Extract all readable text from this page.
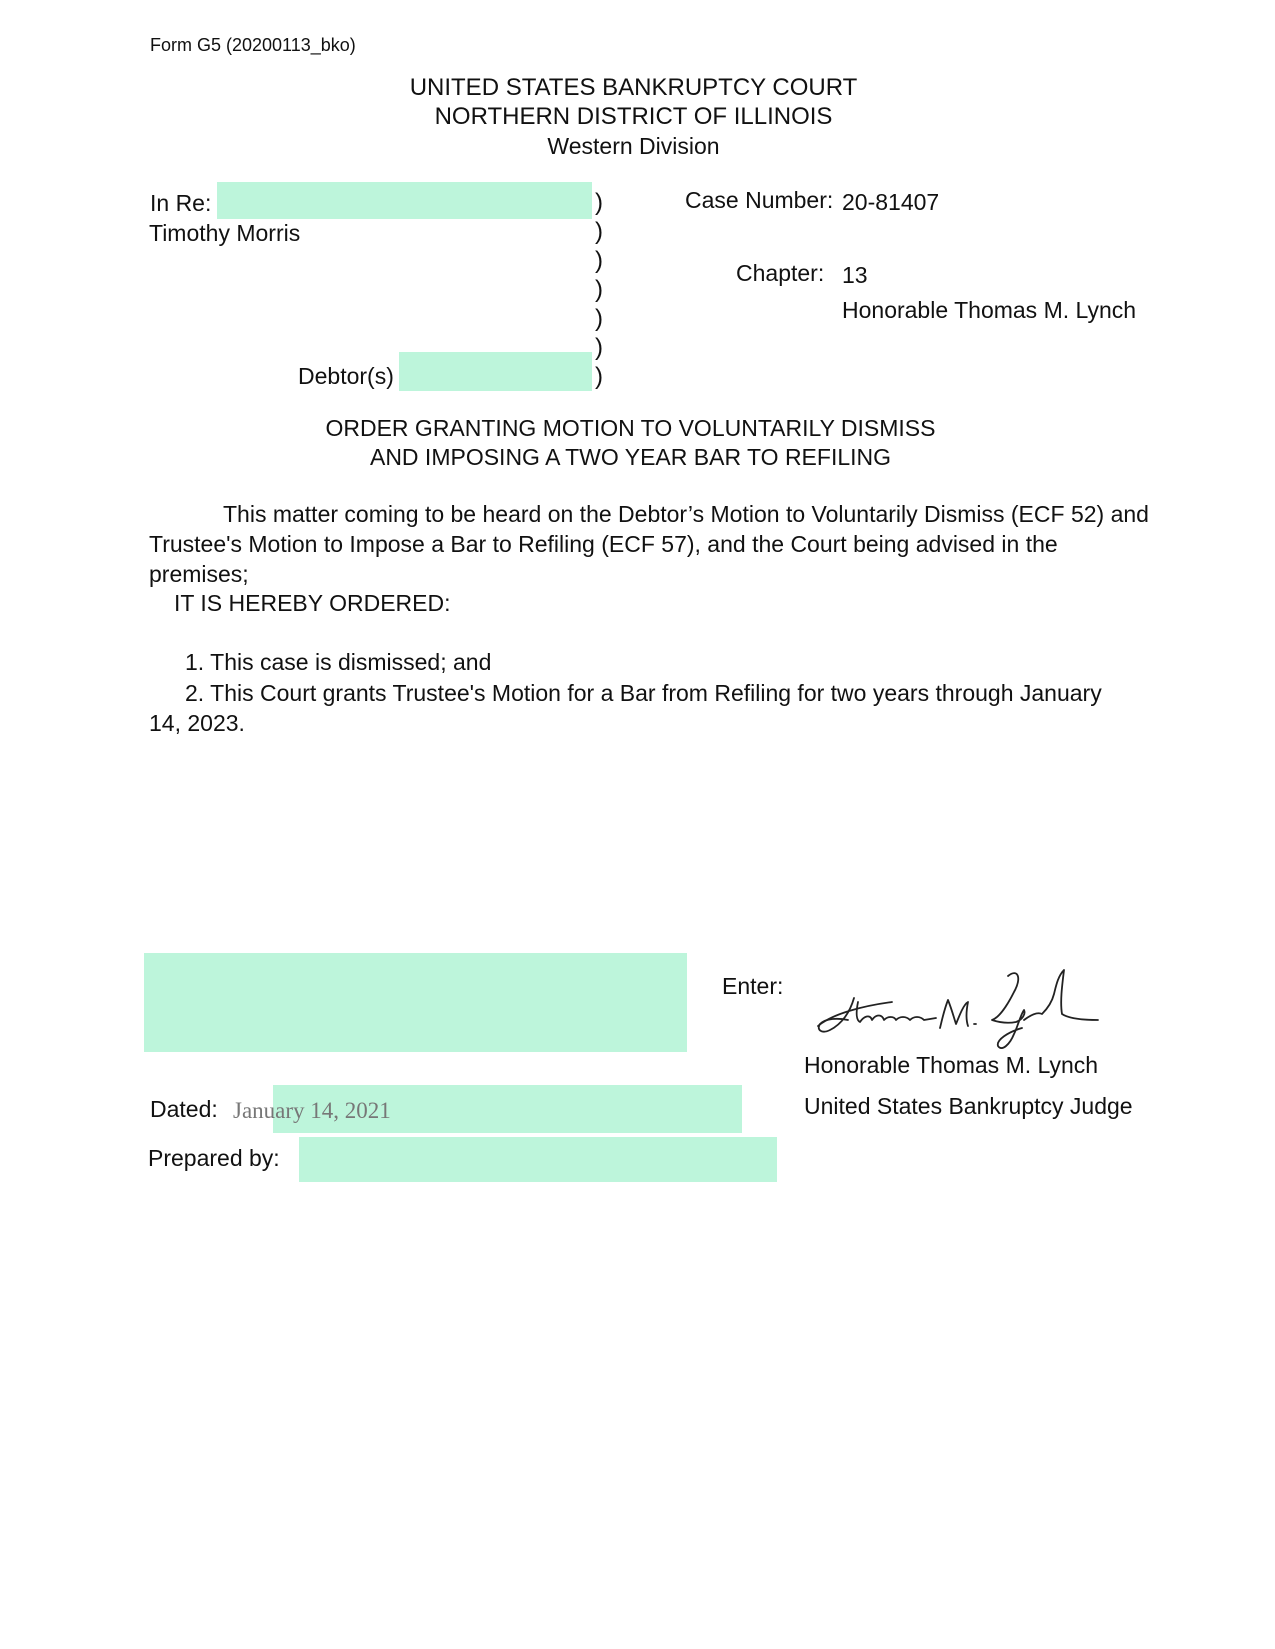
Form G5 (20200113_bko)
UNITED STATES BANKRUPTCY COURT
NORTHERN DISTRICT OF ILLINOIS
Western Division
In Re:
Timothy Morris
Debtor(s)
)
)
)
)
)
)
)
Case Number: 20-81407
Chapter: 13
Honorable Thomas M. Lynch
ORDER GRANTING MOTION TO VOLUNTARILY DISMISS
AND IMPOSING A TWO YEAR BAR TO REFILING
This matter coming to be heard on the Debtor’s Motion to Voluntarily Dismiss (ECF 52) and Trustee's Motion to Impose a Bar to Refiling (ECF 57), and the Court being advised in the premises;
IT IS HEREBY ORDERED:
1. This case is dismissed; and
2. This Court grants Trustee's Motion for a Bar from Refiling for two years through January 14, 2023.
Enter:
Honorable Thomas M. Lynch
United States Bankruptcy Judge
Dated: January 14, 2021
Prepared by:
